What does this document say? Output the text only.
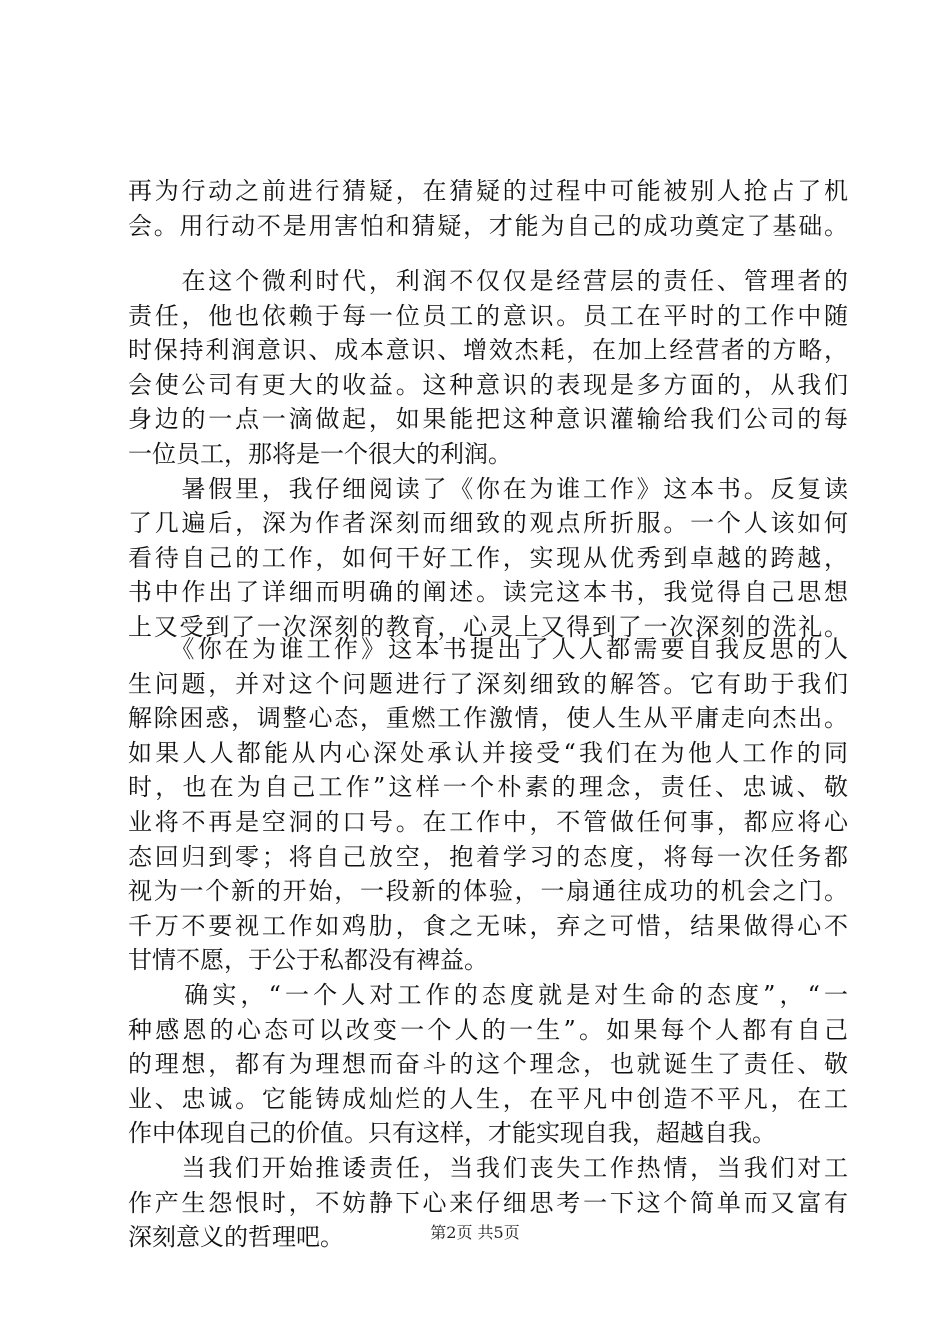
再为行动之前进行猜疑，在猜疑的过程中可能被别人抢占了机
会。用行动不是用害怕和猜疑，才能为自己的成功奠定了基础。
　　在这个微利时代，利润不仅仅是经营层的责任、管理者的
责任，他也依赖于每一位员工的意识。员工在平时的工作中随
时保持利润意识、成本意识、增效杰耗，在加上经营者的方略，
会使公司有更大的收益。这种意识的表现是多方面的，从我们
身边的一点一滴做起，如果能把这种意识灌输给我们公司的每
一位员工，那将是一个很大的利润。
　　暑假里，我仔细阅读了《你在为谁工作》这本书。反复读
了几遍后，深为作者深刻而细致的观点所折服。一个人该如何
看待自己的工作，如何干好工作，实现从优秀到卓越的跨越，
书中作出了详细而明确的阐述。读完这本书，我觉得自己思想
上又受到了一次深刻的教育，心灵上又得到了一次深刻的洗礼。
　　《你在为谁工作》这本书提出了人人都需要自我反思的人
生问题，并对这个问题进行了深刻细致的解答。它有助于我们
解除困惑，调整心态，重燃工作激情，使人生从平庸走向杰出。
如果人人都能从内心深处承认并接受“我们在为他人工作的同
时，也在为自己工作”这样一个朴素的理念，责任、忠诚、敬
业将不再是空洞的口号。在工作中，不管做任何事，都应将心
态回归到零；将自己放空，抱着学习的态度，将每一次任务都
视为一个新的开始，一段新的体验，一扇通往成功的机会之门。
千万不要视工作如鸡肋，食之无味，弃之可惜，结果做得心不
甘情不愿，于公于私都没有裨益。
　　确实，“一个人对工作的态度就是对生命的态度”，“一
种感恩的心态可以改变一个人的一生”。如果每个人都有自己
的理想，都有为理想而奋斗的这个理念，也就诞生了责任、敬
业、忠诚。它能铸成灿烂的人生，在平凡中创造不平凡，在工
作中体现自己的价值。只有这样，才能实现自我，超越自我。
　　当我们开始推诿责任，当我们丧失工作热情，当我们对工
作产生怨恨时，不妨静下心来仔细思考一下这个简单而又富有
深刻意义的哲理吧。	第2页 共5页
